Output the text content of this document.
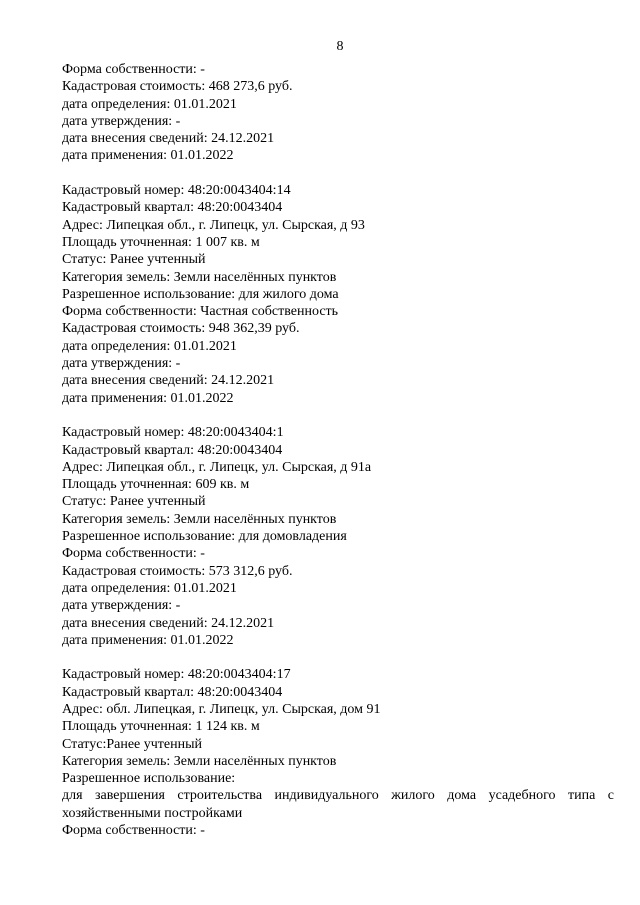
8
Форма собственности: -
Кадастровая стоимость: 468 273,6 руб.
дата определения: 01.01.2021
дата утверждения: -
дата внесения сведений: 24.12.2021
дата применения: 01.01.2022
Кадастровый номер: 48:20:0043404:14
Кадастровый квартал: 48:20:0043404
Адрес: Липецкая обл., г. Липецк, ул. Сырская, д 93
Площадь уточненная: 1 007 кв. м
Статус: Ранее учтенный
Категория земель: Земли населённых пунктов
Разрешенное использование: для жилого дома
Форма собственности: Частная собственность
Кадастровая стоимость: 948 362,39 руб.
дата определения: 01.01.2021
дата утверждения: -
дата внесения сведений: 24.12.2021
дата применения: 01.01.2022
Кадастровый номер: 48:20:0043404:1
Кадастровый квартал: 48:20:0043404
Адрес: Липецкая обл., г. Липецк, ул. Сырская, д 91а
Площадь уточненная: 609 кв. м
Статус: Ранее учтенный
Категория земель: Земли населённых пунктов
Разрешенное использование: для домовладения
Форма собственности: -
Кадастровая стоимость: 573 312,6 руб.
дата определения: 01.01.2021
дата утверждения: -
дата внесения сведений: 24.12.2021
дата применения: 01.01.2022
Кадастровый номер: 48:20:0043404:17
Кадастровый квартал: 48:20:0043404
Адрес: обл. Липецкая, г. Липецк, ул. Сырская, дом 91
Площадь уточненная: 1 124 кв. м
Статус:Ранее учтенный
Категория земель: Земли населённых пунктов
Разрешенное использование:
для завершения строительства индивидуального жилого дома усадебного типа с
хозяйственными постройками
Форма собственности: -
